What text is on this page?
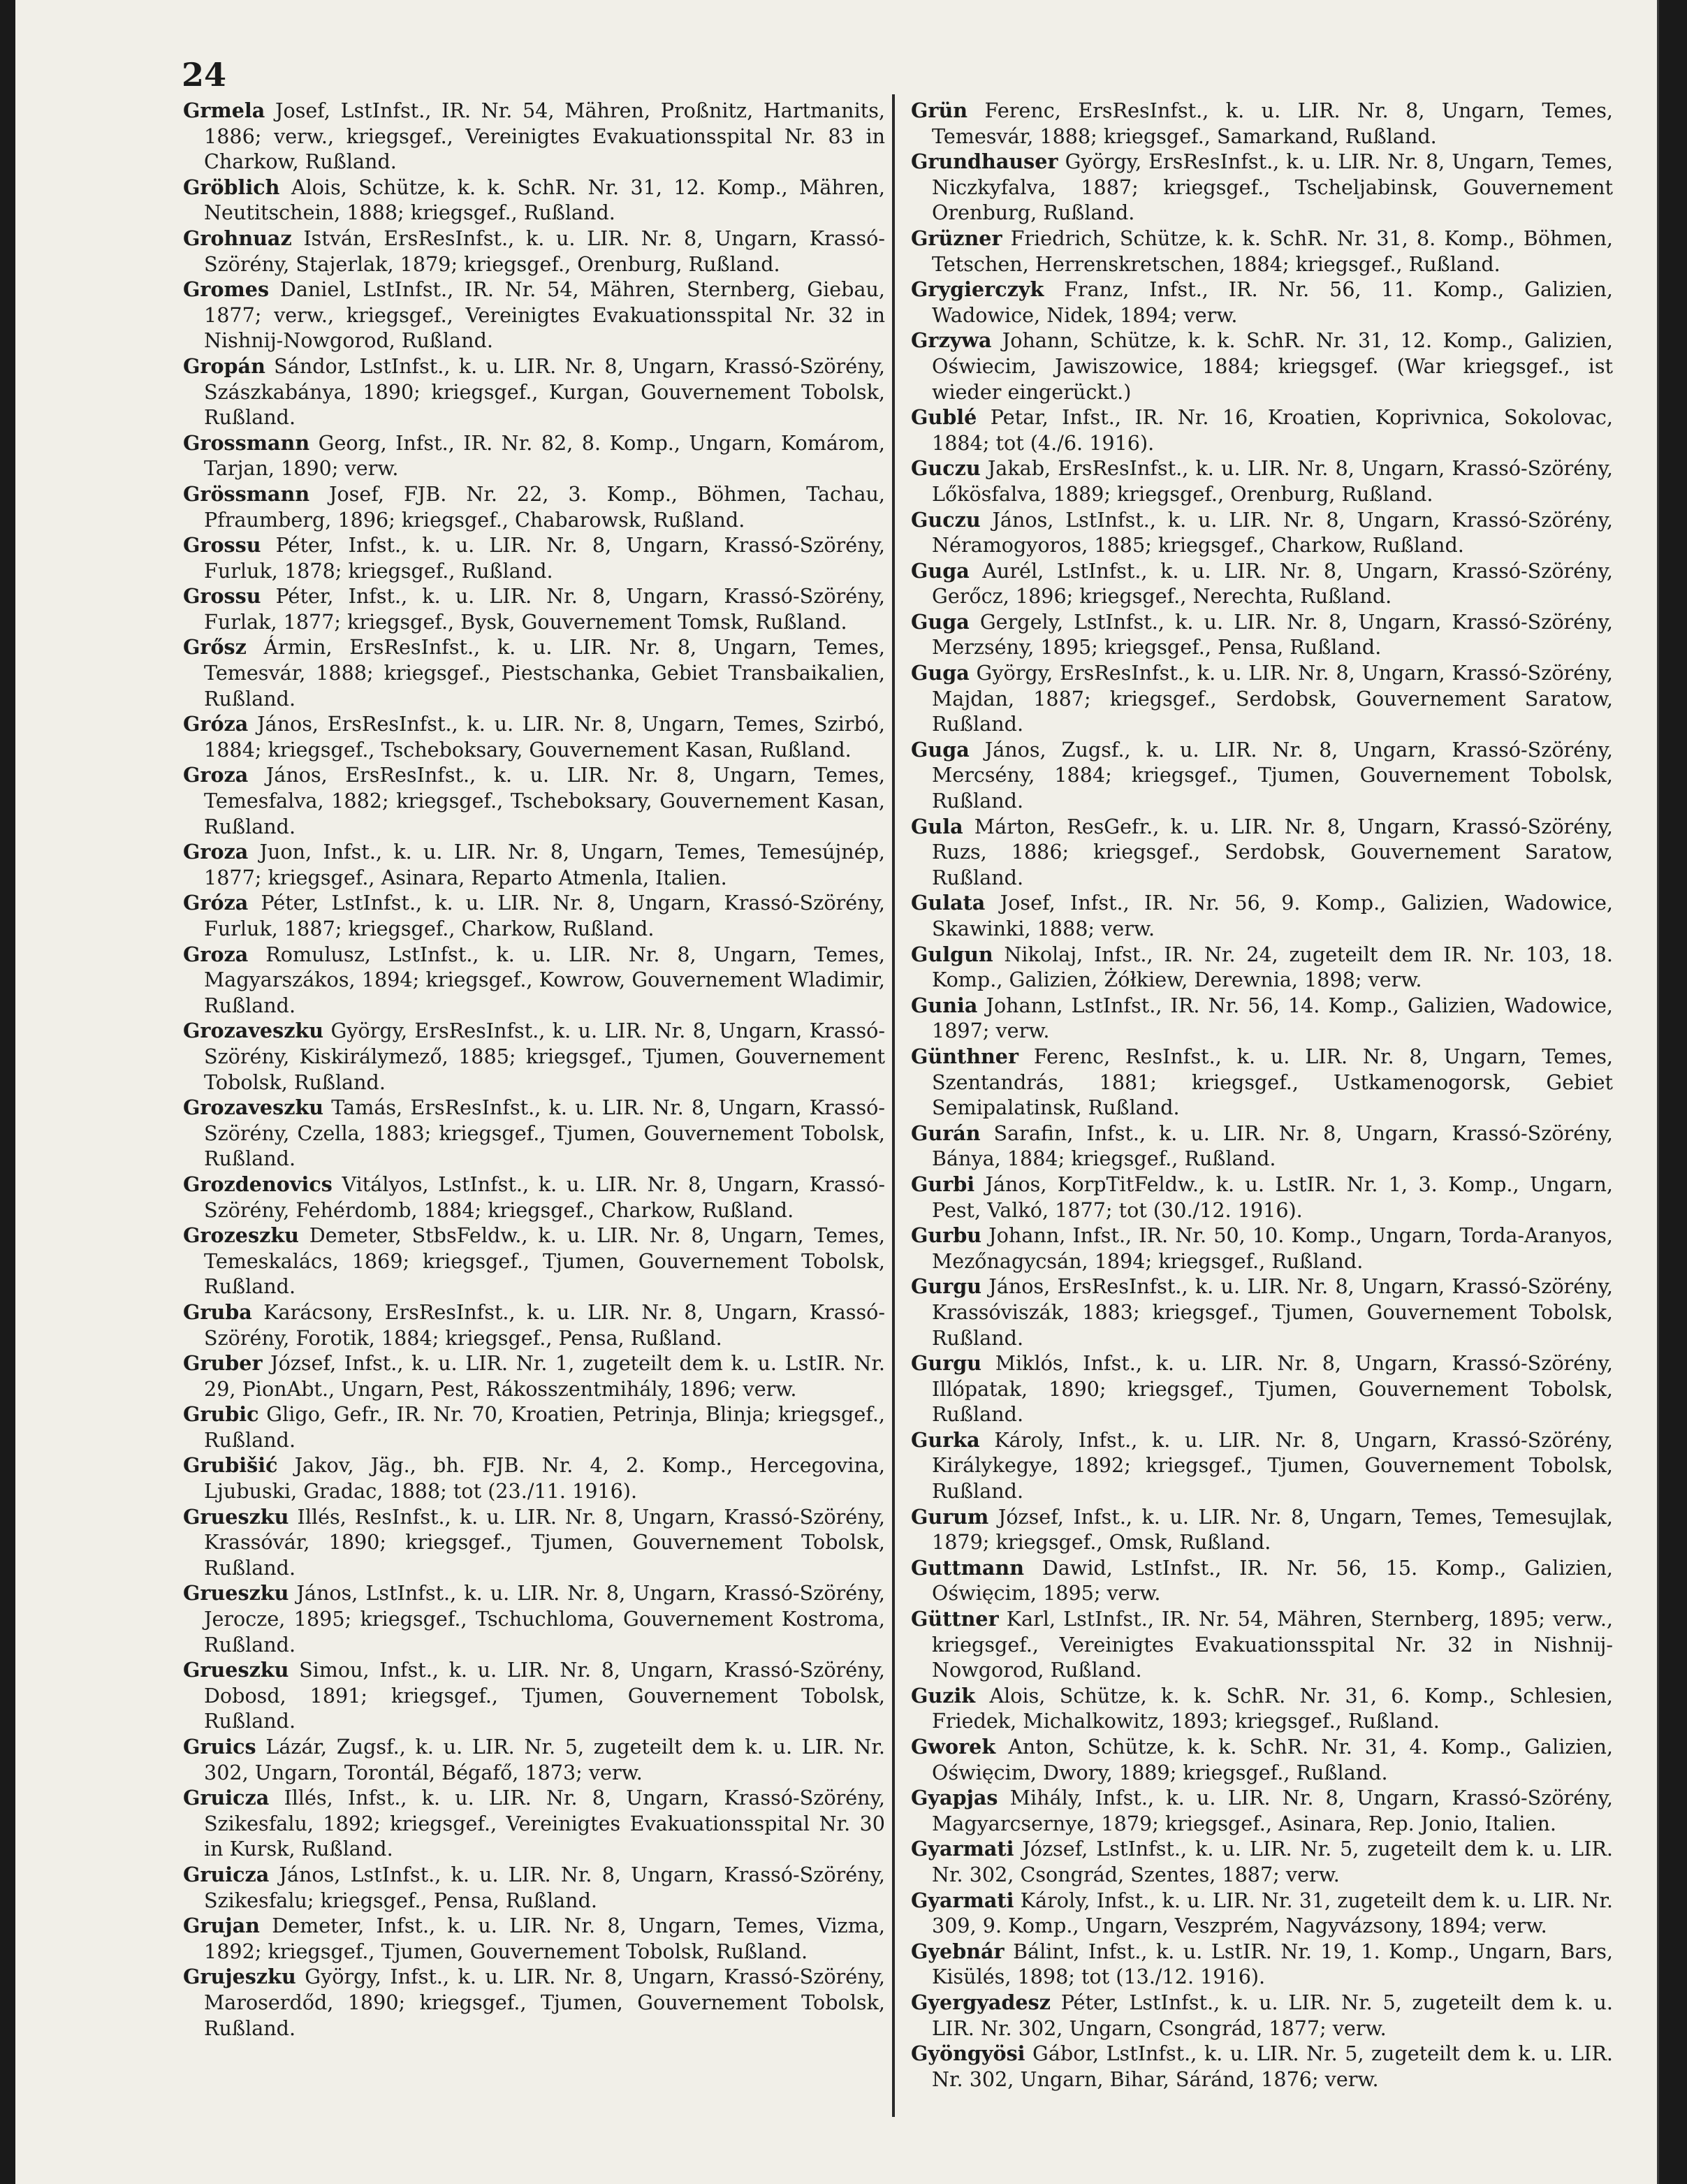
24
Grmela Josef, LstInfst., IR. Nr. 54, Mähren, Proßnitz, Hartmanits, 1886; verw., kriegsgef., Vereinigtes Evakuationsspital Nr. 83 in Charkow, Rußland.
Gröblich Alois, Schütze, k. k. SchR. Nr. 31, 12. Komp., Mähren, Neutitschein, 1888; kriegsgef., Rußland.
Grohnuaz István, ErsResInfst., k. u. LIR. Nr. 8, Ungarn, Krassó-Szörény, Stajerlak, 1879; kriegsgef., Orenburg, Rußland.
Gromes Daniel, LstInfst., IR. Nr. 54, Mähren, Sternberg, Giebau, 1877; verw., kriegsgef., Vereinigtes Evakuationsspital Nr. 32 in Nishnij-Nowgorod, Rußland.
Gropán Sándor, LstInfst., k. u. LIR. Nr. 8, Ungarn, Krassó-Szörény, Szászkabánya, 1890; kriegsgef., Kurgan, Gouvernement Tobolsk, Rußland.
Grossmann Georg, Infst., IR. Nr. 82, 8. Komp., Ungarn, Komárom, Tarjan, 1890; verw.
Grössmann Josef, FJB. Nr. 22, 3. Komp., Böhmen, Tachau, Pfraumberg, 1896; kriegsgef., Chabarowsk, Rußland.
Grossu Péter, Infst., k. u. LIR. Nr. 8, Ungarn, Krassó-Szörény, Furluk, 1878; kriegsgef., Rußland.
Grossu Péter, Infst., k. u. LIR. Nr. 8, Ungarn, Krassó-Szörény, Furlak, 1877; kriegsgef., Bysk, Gouvernement Tomsk, Rußland.
Grősz Ármin, ErsResInfst., k. u. LIR. Nr. 8, Ungarn, Temes, Temesvár, 1888; kriegsgef., Piestschanka, Gebiet Transbaikalien, Rußland.
Gróza János, ErsResInfst., k. u. LIR. Nr. 8, Ungarn, Temes, Szirbó, 1884; kriegsgef., Tscheboksary, Gouvernement Kasan, Rußland.
Groza János, ErsResInfst., k. u. LIR. Nr. 8, Ungarn, Temes, Temesfalva, 1882; kriegsgef., Tscheboksary, Gouvernement Kasan, Rußland.
Groza Juon, Infst., k. u. LIR. Nr. 8, Ungarn, Temes, Temesújnép, 1877; kriegsgef., Asinara, Reparto Atmenla, Italien.
Gróza Péter, LstInfst., k. u. LIR. Nr. 8, Ungarn, Krassó-Szörény, Furluk, 1887; kriegsgef., Charkow, Rußland.
Groza Romulusz, LstInfst., k. u. LIR. Nr. 8, Ungarn, Temes, Magyarszákos, 1894; kriegsgef., Kowrow, Gouvernement Wladimir, Rußland.
Grozaveszku György, ErsResInfst., k. u. LIR. Nr. 8, Ungarn, Krassó-Szörény, Kiskirálymező, 1885; kriegsgef., Tjumen, Gouvernement Tobolsk, Rußland.
Grozaveszku Tamás, ErsResInfst., k. u. LIR. Nr. 8, Ungarn, Krassó-Szörény, Czella, 1883; kriegsgef., Tjumen, Gouvernement Tobolsk, Rußland.
Grozdenovics Vitályos, LstInfst., k. u. LIR. Nr. 8, Ungarn, Krassó-Szörény, Fehérdomb, 1884; kriegsgef., Charkow, Rußland.
Grozeszku Demeter, StbsFeldw., k. u. LIR. Nr. 8, Ungarn, Temes, Temeskalács, 1869; kriegsgef., Tjumen, Gouvernement Tobolsk, Rußland.
Gruba Karácsony, ErsResInfst., k. u. LIR. Nr. 8, Ungarn, Krassó-Szörény, Forotik, 1884; kriegsgef., Pensa, Rußland.
Gruber József, Infst., k. u. LIR. Nr. 1, zugeteilt dem k. u. LstIR. Nr. 29, PionAbt., Ungarn, Pest, Rákosszentmihály, 1896; verw.
Grubic Gligo, Gefr., IR. Nr. 70, Kroatien, Petrinja, Blinja; kriegsgef., Rußland.
Grubišić Jakov, Jäg., bh. FJB. Nr. 4, 2. Komp., Hercegovina, Ljubuski, Gradac, 1888; tot (23./11. 1916).
Grueszku Illés, ResInfst., k. u. LIR. Nr. 8, Ungarn, Krassó-Szörény, Krassóvár, 1890; kriegsgef., Tjumen, Gouvernement Tobolsk, Rußland.
Grueszku János, LstInfst., k. u. LIR. Nr. 8, Ungarn, Krassó-Szörény, Jerocze, 1895; kriegsgef., Tschuchloma, Gouvernement Kostroma, Rußland.
Grueszku Simou, Infst., k. u. LIR. Nr. 8, Ungarn, Krassó-Szörény, Dobosd, 1891; kriegsgef., Tjumen, Gouvernement Tobolsk, Rußland.
Gruics Lázár, Zugsf., k. u. LIR. Nr. 5, zugeteilt dem k. u. LIR. Nr. 302, Ungarn, Torontál, Bégafő, 1873; verw.
Gruicza Illés, Infst., k. u. LIR. Nr. 8, Ungarn, Krassó-Szörény, Szikesfalu, 1892; kriegsgef., Vereinigtes Evakuationsspital Nr. 30 in Kursk, Rußland.
Gruicza János, LstInfst., k. u. LIR. Nr. 8, Ungarn, Krassó-Szörény, Szikesfalu; kriegsgef., Pensa, Rußland.
Grujan Demeter, Infst., k. u. LIR. Nr. 8, Ungarn, Temes, Vizma, 1892; kriegsgef., Tjumen, Gouvernement Tobolsk, Rußland.
Grujeszku György, Infst., k. u. LIR. Nr. 8, Ungarn, Krassó-Szörény, Maroserdőd, 1890; kriegsgef., Tjumen, Gouvernement Tobolsk, Rußland.
Grün Ferenc, ErsResInfst., k. u. LIR. Nr. 8, Ungarn, Temes, Temesvár, 1888; kriegsgef., Samarkand, Rußland.
Grundhauser György, ErsResInfst., k. u. LIR. Nr. 8, Ungarn, Temes, Niczkyfalva, 1887; kriegsgef., Tscheljabinsk, Gouvernement Orenburg, Rußland.
Grüzner Friedrich, Schütze, k. k. SchR. Nr. 31, 8. Komp., Böhmen, Tetschen, Herrenskretschen, 1884; kriegsgef., Rußland.
Grygierczyk Franz, Infst., IR. Nr. 56, 11. Komp., Galizien, Wadowice, Nidek, 1894; verw.
Grzywa Johann, Schütze, k. k. SchR. Nr. 31, 12. Komp., Galizien, Oświecim, Jawiszowice, 1884; kriegsgef. (War kriegsgef., ist wieder eingerückt.)
Gublé Petar, Infst., IR. Nr. 16, Kroatien, Koprivnica, Sokolovac, 1884; tot (4./6. 1916).
Guczu Jakab, ErsResInfst., k. u. LIR. Nr. 8, Ungarn, Krassó-Szörény, Lőkösfalva, 1889; kriegsgef., Orenburg, Rußland.
Guczu János, LstInfst., k. u. LIR. Nr. 8, Ungarn, Krassó-Szörény, Néramogyoros, 1885; kriegsgef., Charkow, Rußland.
Guga Aurél, LstInfst., k. u. LIR. Nr. 8, Ungarn, Krassó-Szörény, Gerőcz, 1896; kriegsgef., Nerechta, Rußland.
Guga Gergely, LstInfst., k. u. LIR. Nr. 8, Ungarn, Krassó-Szörény, Merzsény, 1895; kriegsgef., Pensa, Rußland.
Guga György, ErsResInfst., k. u. LIR. Nr. 8, Ungarn, Krassó-Szörény, Majdan, 1887; kriegsgef., Serdobsk, Gouvernement Saratow, Rußland.
Guga János, Zugsf., k. u. LIR. Nr. 8, Ungarn, Krassó-Szörény, Mercsény, 1884; kriegsgef., Tjumen, Gouvernement Tobolsk, Rußland.
Gula Márton, ResGefr., k. u. LIR. Nr. 8, Ungarn, Krassó-Szörény, Ruzs, 1886; kriegsgef., Serdobsk, Gouvernement Saratow, Rußland.
Gulata Josef, Infst., IR. Nr. 56, 9. Komp., Galizien, Wadowice, Skawinki, 1888; verw.
Gulgun Nikolaj, Infst., IR. Nr. 24, zugeteilt dem IR. Nr. 103, 18. Komp., Galizien, Żółkiew, Derewnia, 1898; verw.
Gunia Johann, LstInfst., IR. Nr. 56, 14. Komp., Galizien, Wadowice, 1897; verw.
Günthner Ferenc, ResInfst., k. u. LIR. Nr. 8, Ungarn, Temes, Szentandrás, 1881; kriegsgef., Ustkamenogorsk, Gebiet Semipalatinsk, Rußland.
Gurán Sarafin, Infst., k. u. LIR. Nr. 8, Ungarn, Krassó-Szörény, Bánya, 1884; kriegsgef., Rußland.
Gurbi János, KorpTitFeldw., k. u. LstIR. Nr. 1, 3. Komp., Ungarn, Pest, Valkó, 1877; tot (30./12. 1916).
Gurbu Johann, Infst., IR. Nr. 50, 10. Komp., Ungarn, Torda-Aranyos, Mezőnagycsán, 1894; kriegsgef., Rußland.
Gurgu János, ErsResInfst., k. u. LIR. Nr. 8, Ungarn, Krassó-Szörény, Krassóviszák, 1883; kriegsgef., Tjumen, Gouvernement Tobolsk, Rußland.
Gurgu Miklós, Infst., k. u. LIR. Nr. 8, Ungarn, Krassó-Szörény, Illópatak, 1890; kriegsgef., Tjumen, Gouvernement Tobolsk, Rußland.
Gurka Károly, Infst., k. u. LIR. Nr. 8, Ungarn, Krassó-Szörény, Királykegye, 1892; kriegsgef., Tjumen, Gouvernement Tobolsk, Rußland.
Gurum József, Infst., k. u. LIR. Nr. 8, Ungarn, Temes, Temesujlak, 1879; kriegsgef., Omsk, Rußland.
Guttmann Dawid, LstInfst., IR. Nr. 56, 15. Komp., Galizien, Oświęcim, 1895; verw.
Güttner Karl, LstInfst., IR. Nr. 54, Mähren, Sternberg, 1895; verw., kriegsgef., Vereinigtes Evakuationsspital Nr. 32 in Nishnij-Nowgorod, Rußland.
Guzik Alois, Schütze, k. k. SchR. Nr. 31, 6. Komp., Schlesien, Friedek, Michalkowitz, 1893; kriegsgef., Rußland.
Gworek Anton, Schütze, k. k. SchR. Nr. 31, 4. Komp., Galizien, Oświęcim, Dwory, 1889; kriegsgef., Rußland.
Gyapjas Mihály, Infst., k. u. LIR. Nr. 8, Ungarn, Krassó-Szörény, Magyarcsernye, 1879; kriegsgef., Asinara, Rep. Jonio, Italien.
Gyarmati József, LstInfst., k. u. LIR. Nr. 5, zugeteilt dem k. u. LIR. Nr. 302, Csongrád, Szentes, 1887; verw.
Gyarmati Károly, Infst., k. u. LIR. Nr. 31, zugeteilt dem k. u. LIR. Nr. 309, 9. Komp., Ungarn, Veszprém, Nagyvázsony, 1894; verw.
Gyebnár Bálint, Infst., k. u. LstIR. Nr. 19, 1. Komp., Ungarn, Bars, Kisülés, 1898; tot (13./12. 1916).
Gyergyadesz Péter, LstInfst., k. u. LIR. Nr. 5, zugeteilt dem k. u. LIR. Nr. 302, Ungarn, Csongrád, 1877; verw.
Gyöngyösi Gábor, LstInfst., k. u. LIR. Nr. 5, zugeteilt dem k. u. LIR. Nr. 302, Ungarn, Bihar, Sáránd, 1876; verw.
